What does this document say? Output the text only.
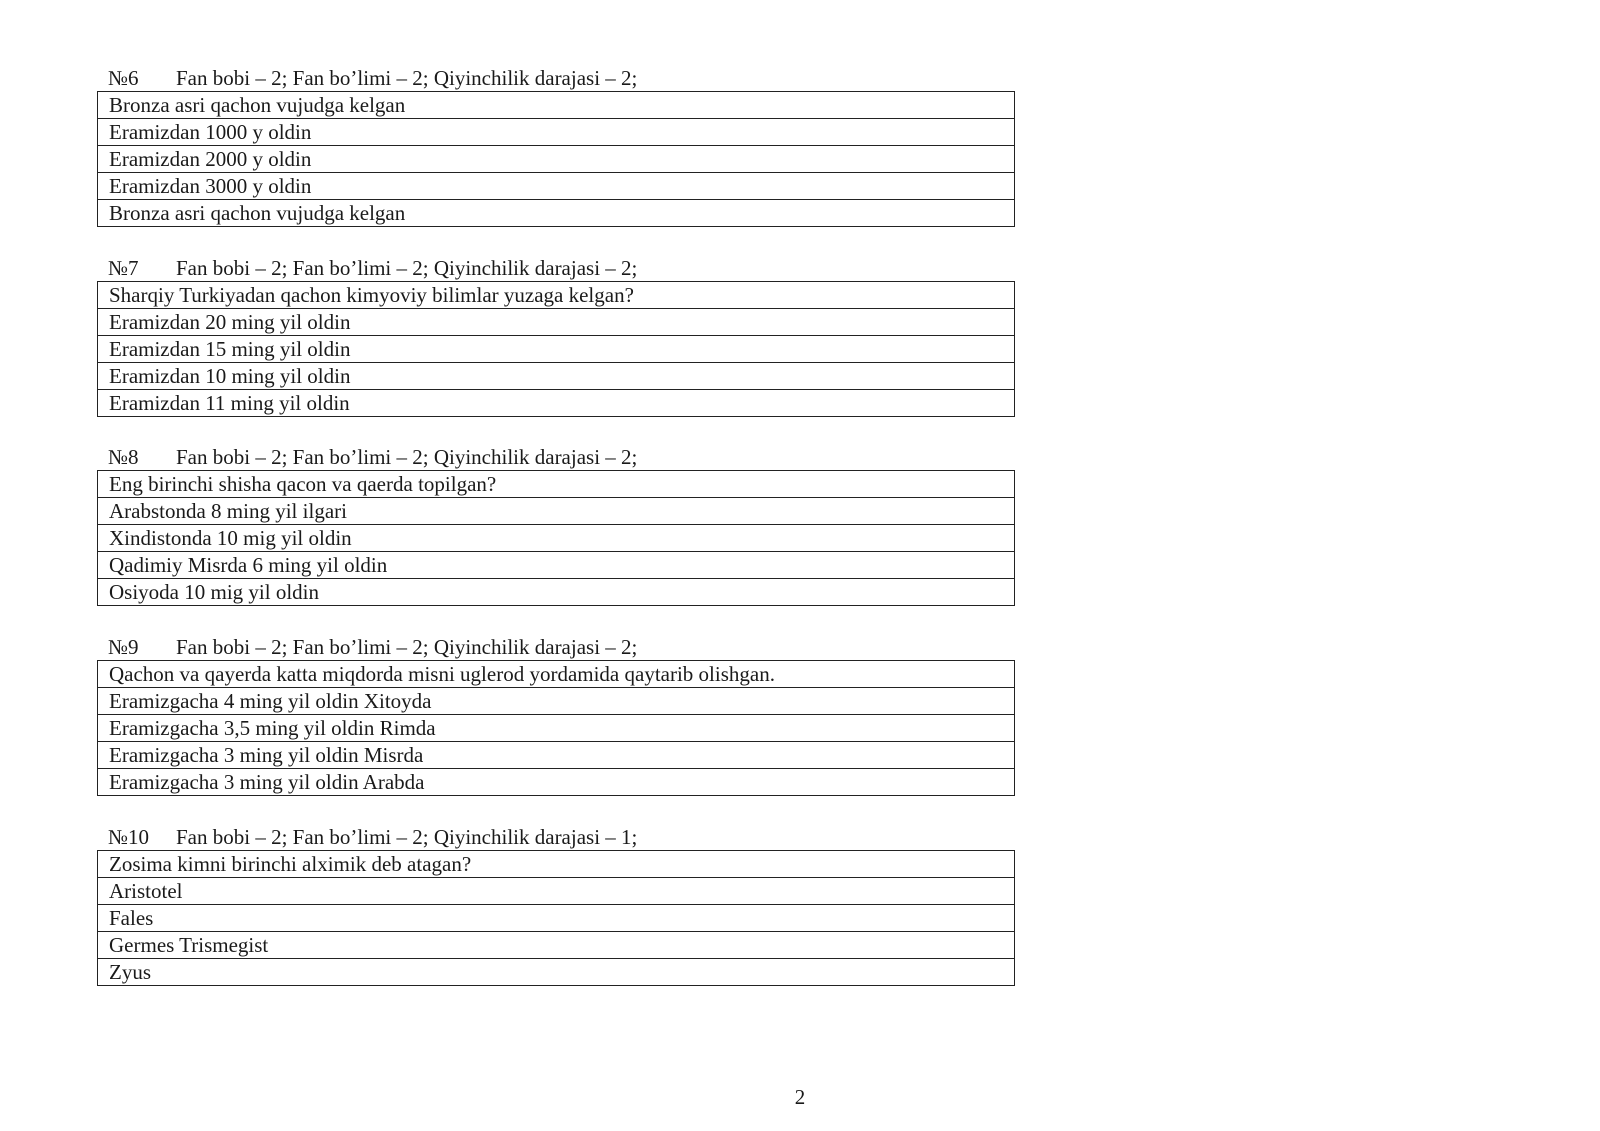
№6 Fan bobi – 2; Fan bo’limi – 2; Qiyinchilik darajasi – 2;
Bronza asri qachon vujudga kelgan
Eramizdan 1000 y oldin
Eramizdan 2000 y oldin
Eramizdan 3000 y oldin
Bronza asri qachon vujudga kelgan
№7 Fan bobi – 2; Fan bo’limi – 2; Qiyinchilik darajasi – 2;
Sharqiy Turkiyadan qachon kimyoviy bilimlar yuzaga kelgan?
Eramizdan 20 ming yil oldin
Eramizdan 15 ming yil oldin
Eramizdan 10 ming yil oldin
Eramizdan 11 ming yil oldin
№8 Fan bobi – 2; Fan bo’limi – 2; Qiyinchilik darajasi – 2;
Eng birinchi shisha qacon va qaerda topilgan?
Arabstonda 8 ming yil ilgari
Xindistonda 10 mig yil oldin
Qadimiy Misrda 6 ming yil oldin
Osiyoda 10 mig yil oldin
№9 Fan bobi – 2; Fan bo’limi – 2; Qiyinchilik darajasi – 2;
Qachon va qayerda katta miqdorda misni uglerod yordamida qaytarib olishgan.
Eramizgacha 4 ming yil oldin Xitoyda
Eramizgacha 3,5 ming yil oldin Rimda
Eramizgacha 3 ming yil oldin Misrda
Eramizgacha 3 ming yil oldin Arabda
№10 Fan bobi – 2; Fan bo’limi – 2; Qiyinchilik darajasi – 1;
Zosima kimni birinchi alximik deb atagan?
Aristotel
Fales
Germes Trismegist
Zyus
2
